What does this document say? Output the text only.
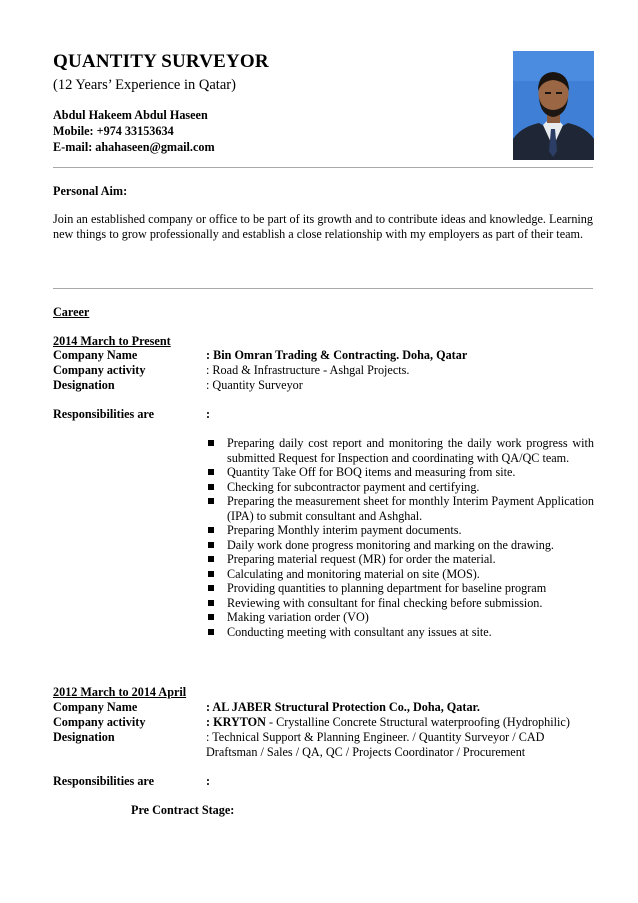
QUANTITY SURVEYOR
(12 Years’ Experience in Qatar)
Abdul Hakeem Abdul Haseen
Mobile: +974 33153634
E-mail: ahahaseen@gmail.com
Personal Aim:
Join an established company or office to be part of its growth and to contribute ideas and knowledge. Learning new things to grow professionally and establish a close relationship with my employers as part of their team.
Career
2014 March to Present
Company Name	: Bin Omran Trading & Contracting. Doha, Qatar
Company activity	: Road & Infrastructure - Ashgal Projects.
Designation	: Quantity Surveyor
Responsibilities are	:
Preparing daily cost report and monitoring the daily work progress with submitted Request for Inspection and coordinating with QA/QC team.
Quantity Take Off for BOQ items and measuring from site.
Checking for subcontractor payment and certifying.
Preparing the measurement sheet for monthly Interim Payment Application (IPA) to submit consultant and Ashghal.
Preparing Monthly interim payment documents.
Daily work done progress monitoring and marking on the drawing.
Preparing material request (MR) for order the material.
Calculating and monitoring material on site (MOS).
Providing quantities to planning department for baseline program
Reviewing with consultant for final checking before submission.
Making variation order (VO)
Conducting meeting with consultant any issues at site.
2012 March to 2014 April
Company Name	: AL JABER Structural Protection Co., Doha, Qatar.
Company activity	: KRYTON - Crystalline Concrete Structural waterproofing (Hydrophilic)
Designation	: Technical Support & Planning Engineer. / Quantity Surveyor / CAD
Draftsman / Sales / QA, QC / Projects Coordinator / Procurement
Responsibilities are	:
Pre Contract Stage:
